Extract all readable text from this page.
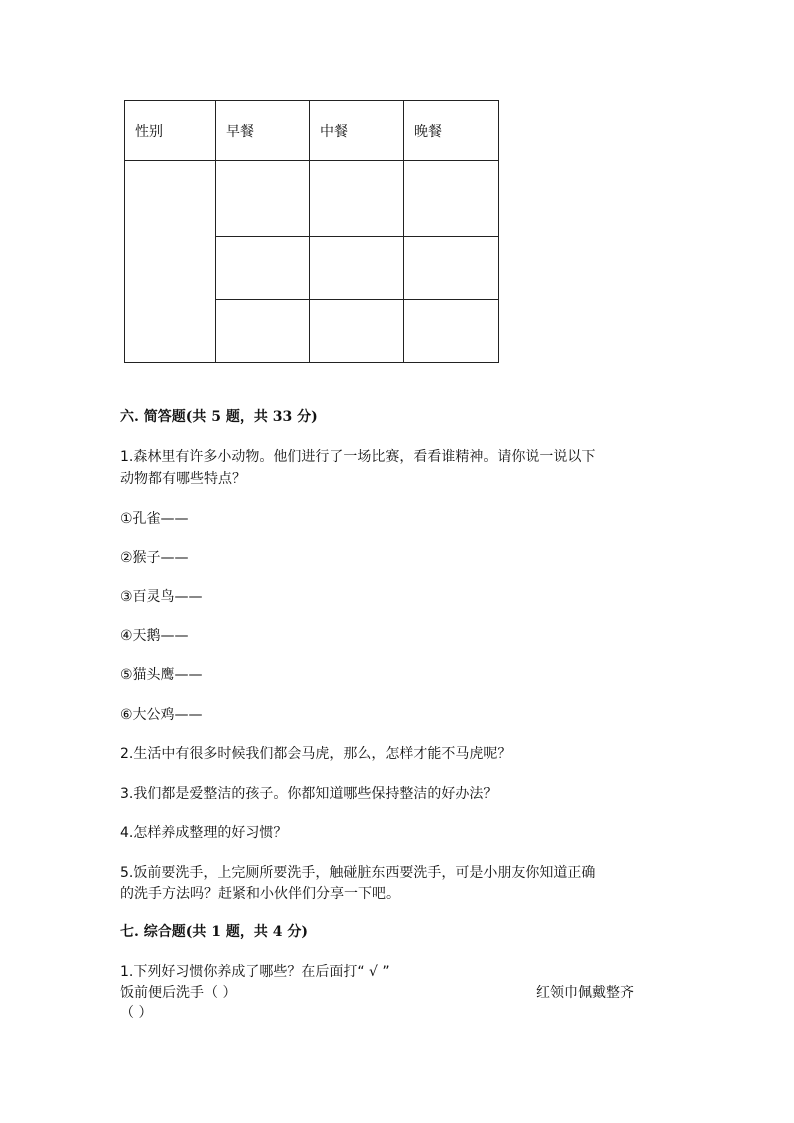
性别	早餐	中餐	晚餐

六. 简答题(共 5 题，共 33 分)
1.森林里有许多小动物。他们进行了一场比赛，看看谁精神。请你说一说以下
动物都有哪些特点？
①孔雀——
②猴子——
③百灵鸟——
④天鹅——
⑤猫头鹰——
⑥大公鸡——
2.生活中有很多时候我们都会马虎，那么，怎样才能不马虎呢？
3.我们都是爱整洁的孩子。你都知道哪些保持整洁的好办法？
4.怎样养成整理的好习惯？
5.饭前要洗手，上完厕所要洗手，触碰脏东西要洗手，可是小朋友你知道正确
的洗手方法吗？赶紧和小伙伴们分享一下吧。
七. 综合题(共 1 题，共 4 分)
1.下列好习惯你养成了哪些？在后面打“ √ ”
饭前便后洗手（ ）	红领巾佩戴整齐
（ ）
